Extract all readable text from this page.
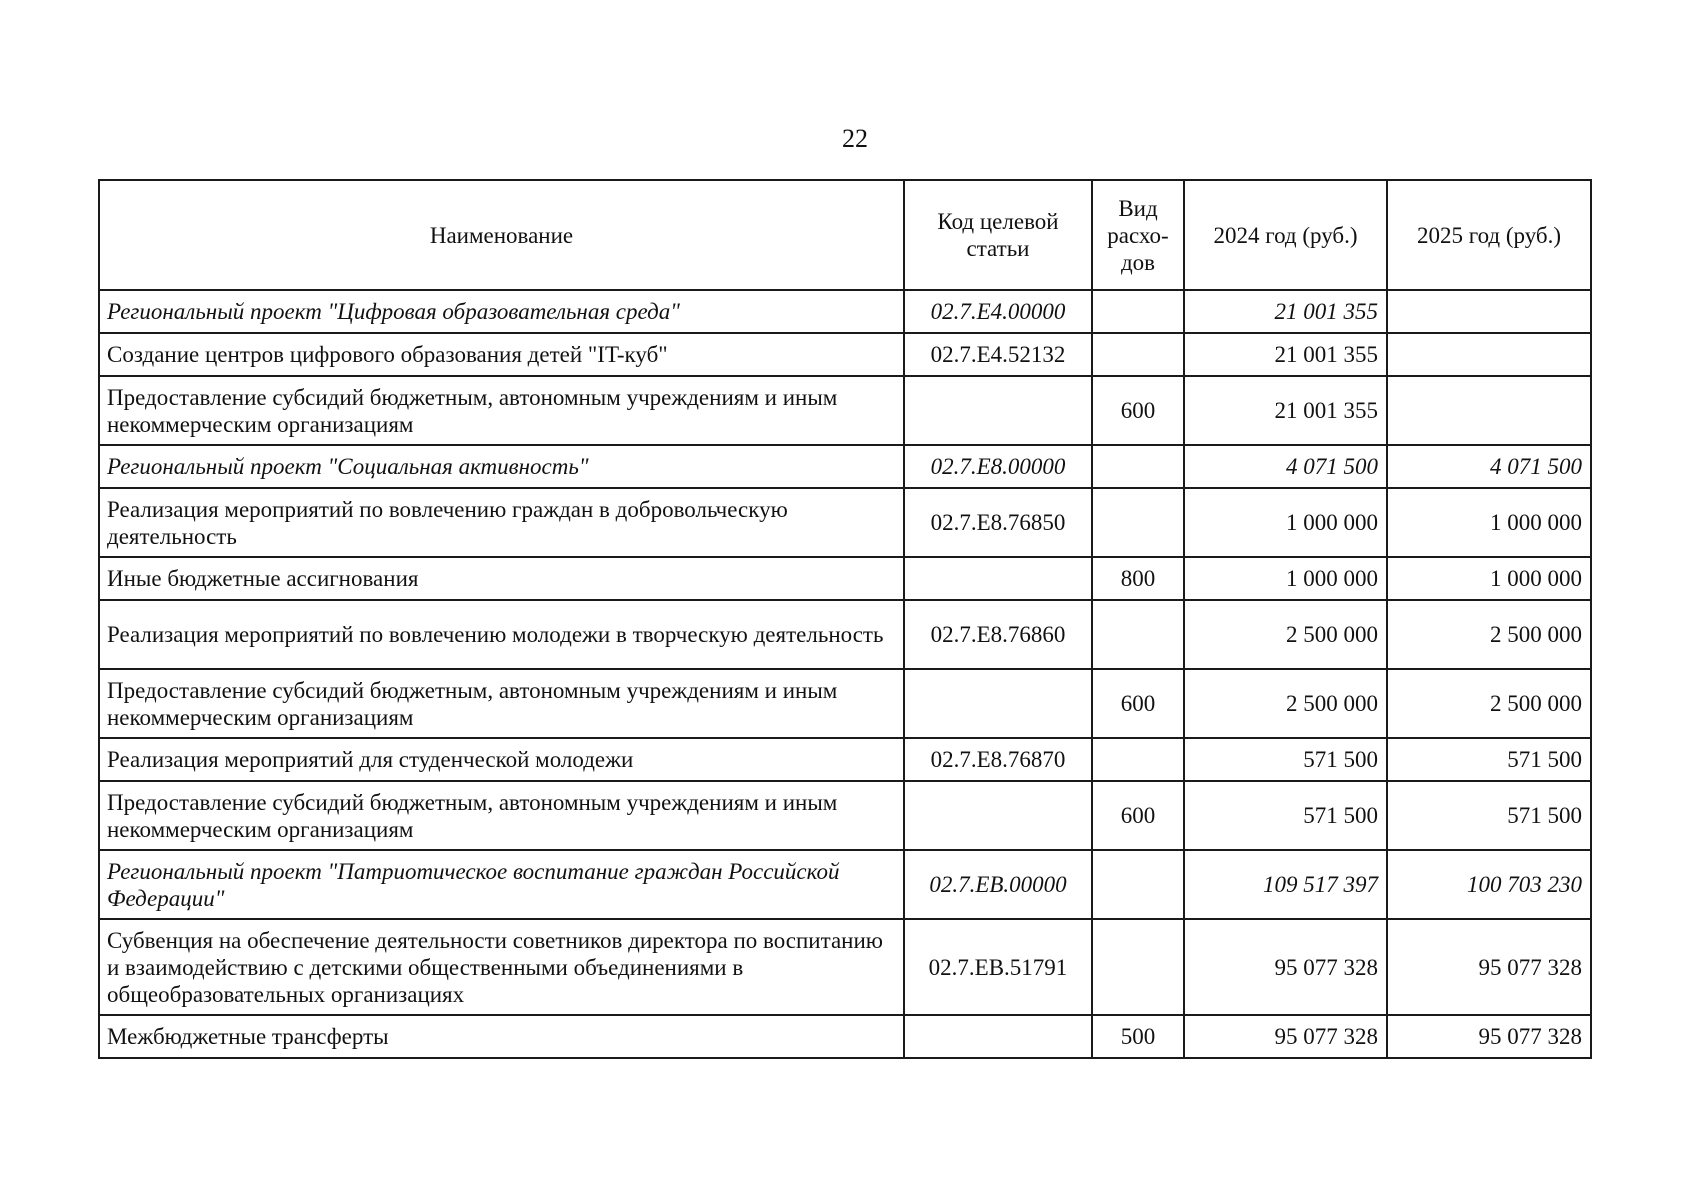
22
Наименование	Код целевой статьи	Вид расхо-дов	2024 год (руб.)	2025 год (руб.)
Региональный проект "Цифровая образовательная среда"	02.7.Е4.00000		21 001 355	
Создание центров цифрового образования детей "IT-куб"	02.7.Е4.52132		21 001 355	
Предоставление субсидий бюджетным, автономным учреждениям и иным некоммерческим организациям		600	21 001 355	
Региональный проект "Социальная активность"	02.7.Е8.00000		4 071 500	4 071 500
Реализация мероприятий по вовлечению граждан в добровольческую деятельность	02.7.Е8.76850		1 000 000	1 000 000
Иные бюджетные ассигнования		800	1 000 000	1 000 000
Реализация мероприятий по вовлечению молодежи в творческую деятельность	02.7.Е8.76860		2 500 000	2 500 000
Предоставление субсидий бюджетным, автономным учреждениям и иным некоммерческим организациям		600	2 500 000	2 500 000
Реализация мероприятий для студенческой молодежи	02.7.Е8.76870		571 500	571 500
Предоставление субсидий бюджетным, автономным учреждениям и иным некоммерческим организациям		600	571 500	571 500
Региональный проект "Патриотическое воспитание граждан Российской Федерации"	02.7.ЕВ.00000		109 517 397	100 703 230
Субвенция на обеспечение деятельности советников директора по воспитанию и взаимодействию с детскими общественными объединениями в общеобразовательных организациях	02.7.ЕВ.51791		95 077 328	95 077 328
Межбюджетные трансферты		500	95 077 328	95 077 328
